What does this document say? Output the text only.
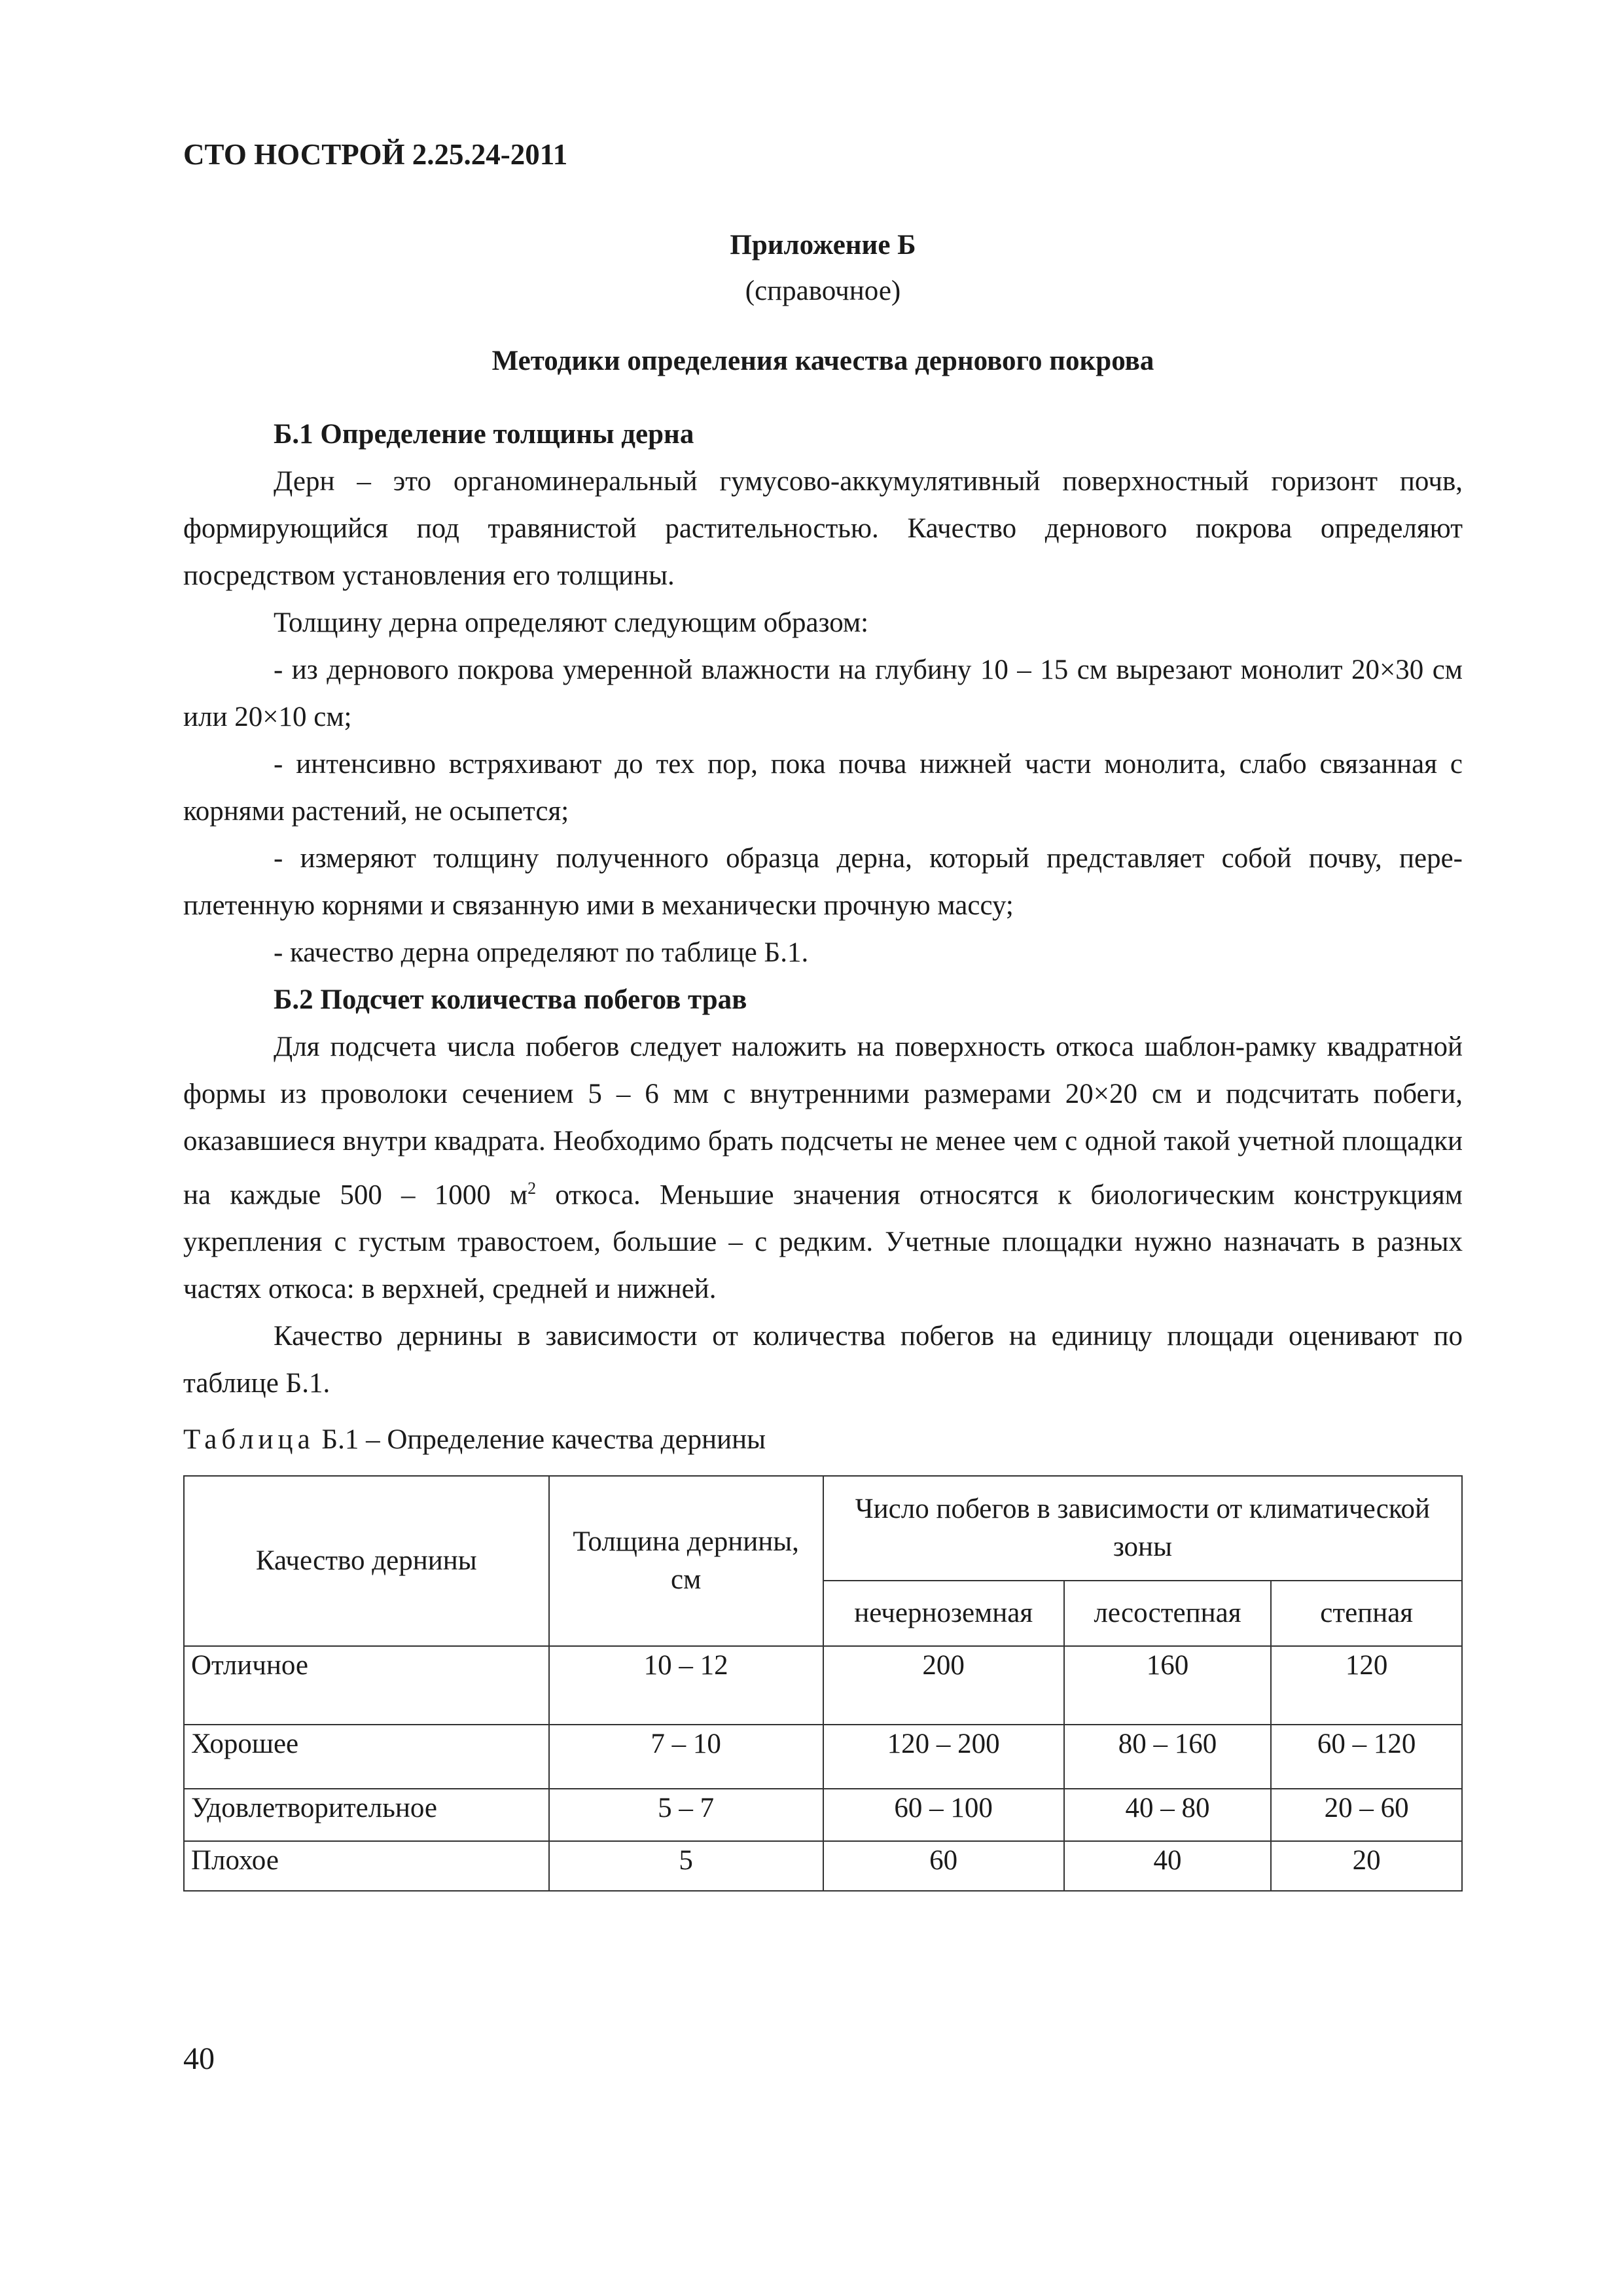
СТО НОСТРОЙ 2.25.24-2011

Приложение Б

(справочное)

Методики определения качества дернового покрова

Б.1 Определение толщины дерна

Дерн – это органоминеральный гумусово-аккумулятивный поверхностный горизонт почв, формирующийся под травянистой растительностью. Качество дернового покрова определяют посредством установления его толщины.

Толщину дерна определяют следующим образом:

- из дернового покрова умеренной влажности на глубину 10 – 15 см вырезают монолит 20×30 см или 20×10 см;

- интенсивно встряхивают до тех пор, пока почва нижней части монолита, слабо связанная с корнями растений, не осыпется;

- измеряют толщину полученного образца дерна, который представляет собой почву, переплетенную корнями и связанную ими в механически прочную массу;

- качество дерна определяют по таблице Б.1.

Б.2 Подсчет количества побегов трав

Для подсчета числа побегов следует наложить на поверхность откоса шаблон-рамку квадратной формы из проволоки сечением 5 – 6 мм с внутренними размерами 20×20 см и подсчитать побеги, оказавшиеся внутри квадрата. Необходимо брать подсчеты не менее чем с одной такой учетной площадки на каждые 500 – 1000 $м^2$ откоса. Меньшие значения относятся к биологическим конструкциям укрепления с густым травостоем, большие – с редким. Учетные площадки нужно назначать в разных частях откоса: в верхней, средней и нижней.

Качество дернины в зависимости от количества побегов на единицу площади оценивают по таблице Б.1.

Таблица Б.1 – Определение качества дернины

Качество дернины	Толщина дернины, см	Число побегов в зависимости от климатической зоны		
		нечерноземная	лесостепная	степная
Отличное	10 – 12	200	160	120
Хорошее	7 – 10	120 – 200	80 – 160	60 – 120
Удовлетворительное	5 – 7	60 – 100	40 – 80	20 – 60
Плохое	5	60	40	20
40
